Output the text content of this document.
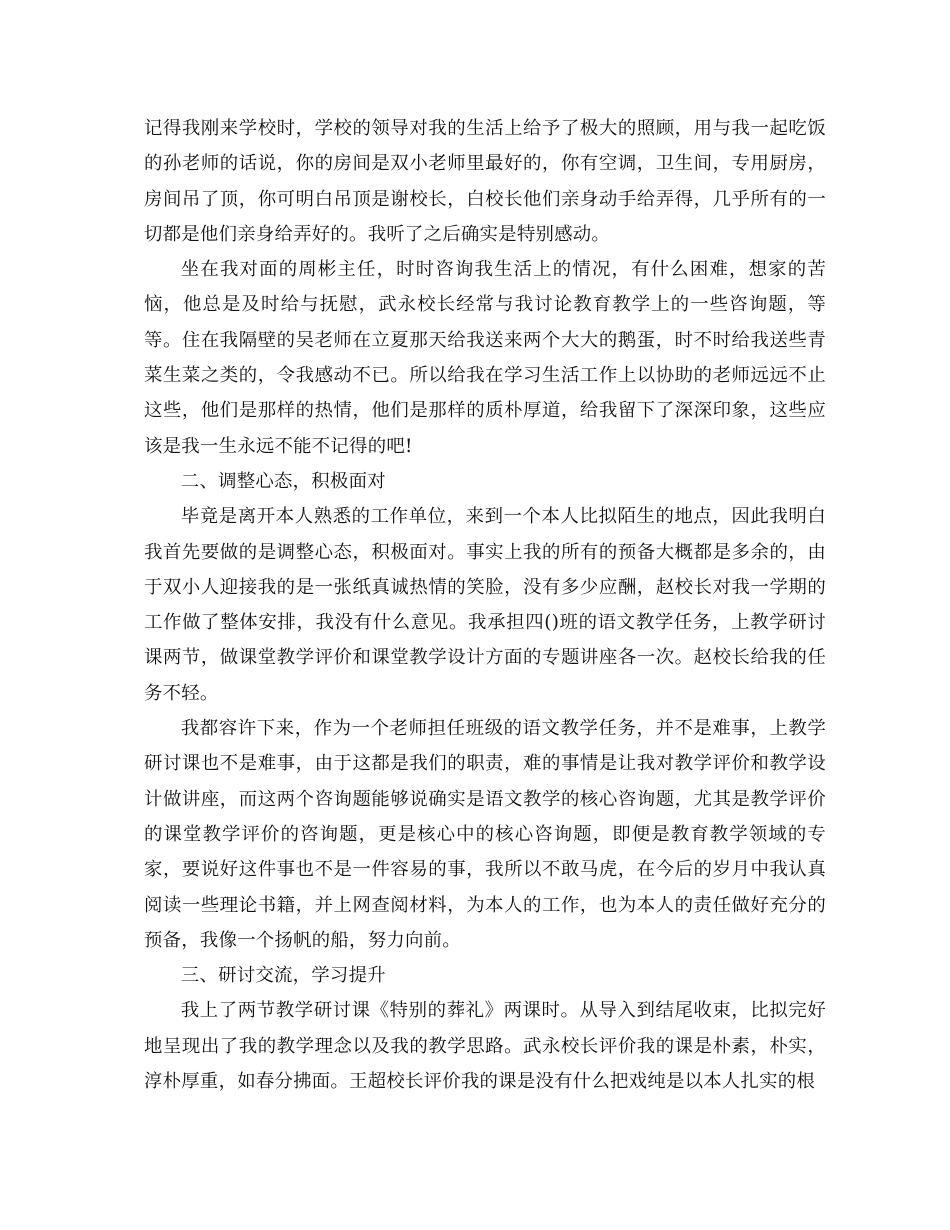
记得我刚来学校时，学校的领导对我的生活上给予了极大的照顾，用与我一起吃饭的孙老师的话说，你的房间是双小老师里最好的，你有空调，卫生间，专用厨房，房间吊了顶，你可明白吊顶是谢校长，白校长他们亲身动手给弄得，几乎所有的一切都是他们亲身给弄好的。我听了之后确实是特别感动。

坐在我对面的周彬主任，时时咨询我生活上的情况，有什么困难，想家的苦恼，他总是及时给与抚慰，武永校长经常与我讨论教育教学上的一些咨询题，等等。住在我隔壁的吴老师在立夏那天给我送来两个大大的鹅蛋，时不时给我送些青菜生菜之类的，令我感动不已。所以给我在学习生活工作上以协助的老师远远不止这些，他们是那样的热情，他们是那样的质朴厚道，给我留下了深深印象，这些应该是我一生永远不能不记得的吧!

二、调整心态，积极面对

毕竟是离开本人熟悉的工作单位，来到一个本人比拟陌生的地点，因此我明白我首先要做的是调整心态，积极面对。事实上我的所有的预备大概都是多余的，由于双小人迎接我的是一张纸真诚热情的笑脸，没有多少应酬，赵校长对我一学期的工作做了整体安排，我没有什么意见。我承担四()班的语文教学任务，上教学研讨课两节，做课堂教学评价和课堂教学设计方面的专题讲座各一次。赵校长给我的任务不轻。

我都容许下来，作为一个老师担任班级的语文教学任务，并不是难事，上教学研讨课也不是难事，由于这都是我们的职责，难的事情是让我对教学评价和教学设计做讲座，而这两个咨询题能够说确实是语文教学的核心咨询题，尤其是教学评价的课堂教学评价的咨询题，更是核心中的核心咨询题，即便是教育教学领域的专家，要说好这件事也不是一件容易的事，我所以不敢马虎，在今后的岁月中我认真阅读一些理论书籍，并上网查阅材料，为本人的工作，也为本人的责任做好充分的预备，我像一个扬帆的船，努力向前。

三、研讨交流，学习提升

我上了两节教学研讨课《特别的葬礼》两课时。从导入到结尾收束，比拟完好地呈现出了我的教学理念以及我的教学思路。武永校长评价我的课是朴素，朴实，淳朴厚重，如春分拂面。王超校长评价我的课是没有什么把戏纯是以本人扎实的根
